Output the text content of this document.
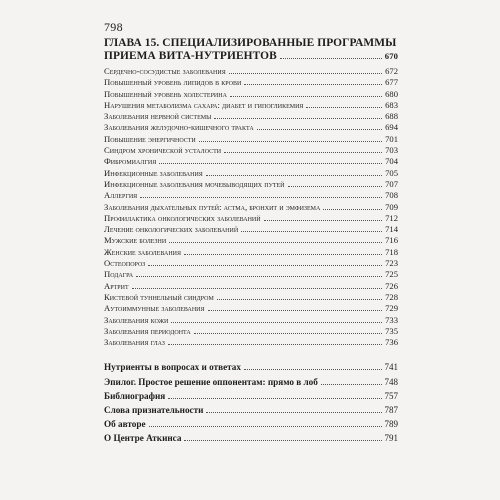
798
ГЛАВА 15. СПЕЦИАЛИЗИРОВАННЫЕ ПРОГРАММЫ
ПРИЕМА ВИТА-НУТРИЕНТОВ	670
Сердечно-сосудистые заболевания	672
Повышенный уровень липидов в крови	677
Повышенный уровень холестерина	680
Нарушения метаболизма сахара: диабет и гипогликемия	683
Заболевания нервной системы	688
Заболевания желудочно-кишечного тракта	694
Повышение энергичности	701
Синдром хронической усталости	703
Фибромиалгия	704
Инфекционные заболевания	705
Инфекционные заболевания мочевыводящих путей	707
Аллергия	708
Заболевания дыхательных путей: астма, бронхит и эмфизема	709
Профилактика онкологических заболеваний	712
Лечение онкологических заболеваний	714
Мужские болезни	716
Женские заболевания	718
Остеопороз	723
Подагра	725
Артрит	726
Кистевой туннельный синдром	728
Аутоиммунные заболевания	729
Заболевания кожи	733
Заболевания периодонта	735
Заболевания глаз	736
Нутриенты в вопросах и ответах	741
Эпилог. Простое решение оппонентам: прямо в лоб	748
Библиография	757
Слова признательности	787
Об авторе	789
О Центре Аткинса	791
